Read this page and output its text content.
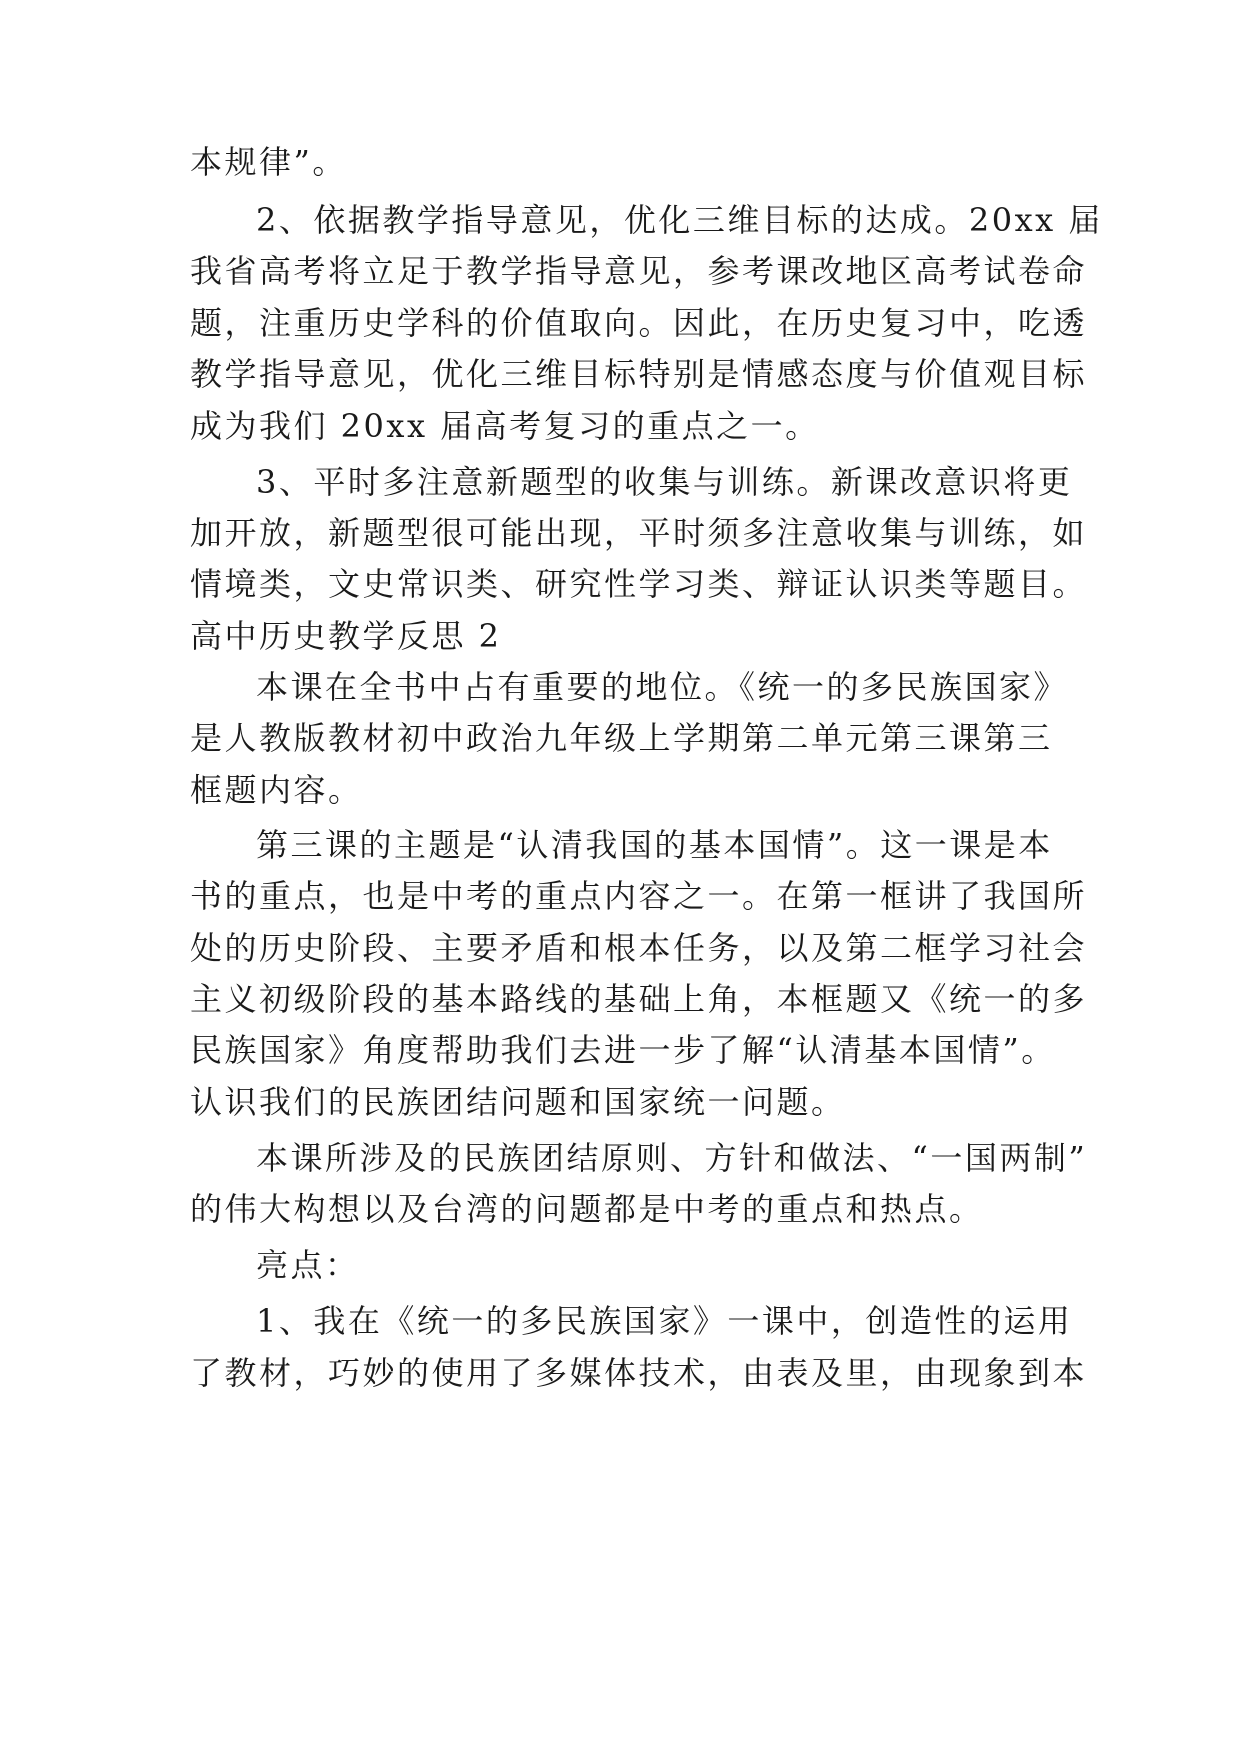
本规律”。
2、依据教学指导意见，优化三维目标的达成。20xx 届
我省高考将立足于教学指导意见，参考课改地区高考试卷命
题，注重历史学科的价值取向。因此，在历史复习中，吃透
教学指导意见，优化三维目标特别是情感态度与价值观目标
成为我们 20xx 届高考复习的重点之一。
3、平时多注意新题型的收集与训练。新课改意识将更
加开放，新题型很可能出现，平时须多注意收集与训练，如
情境类，文史常识类、研究性学习类、辩证认识类等题目。
高中历史教学反思 2
本课在全书中占有重要的地位。《统一的多民族国家》
是人教版教材初中政治九年级上学期第二单元第三课第三
框题内容。
第三课的主题是“认清我国的基本国情”。这一课是本
书的重点，也是中考的重点内容之一。在第一框讲了我国所
处的历史阶段、主要矛盾和根本任务，以及第二框学习社会
主义初级阶段的基本路线的基础上角，本框题又《统一的多
民族国家》角度帮助我们去进一步了解“认清基本国情”。
认识我们的民族团结问题和国家统一问题。
本课所涉及的民族团结原则、方针和做法、“一国两制”
的伟大构想以及台湾的问题都是中考的重点和热点。
亮点：
1、我在《统一的多民族国家》一课中，创造性的运用
了教材，巧妙的使用了多媒体技术，由表及里，由现象到本
